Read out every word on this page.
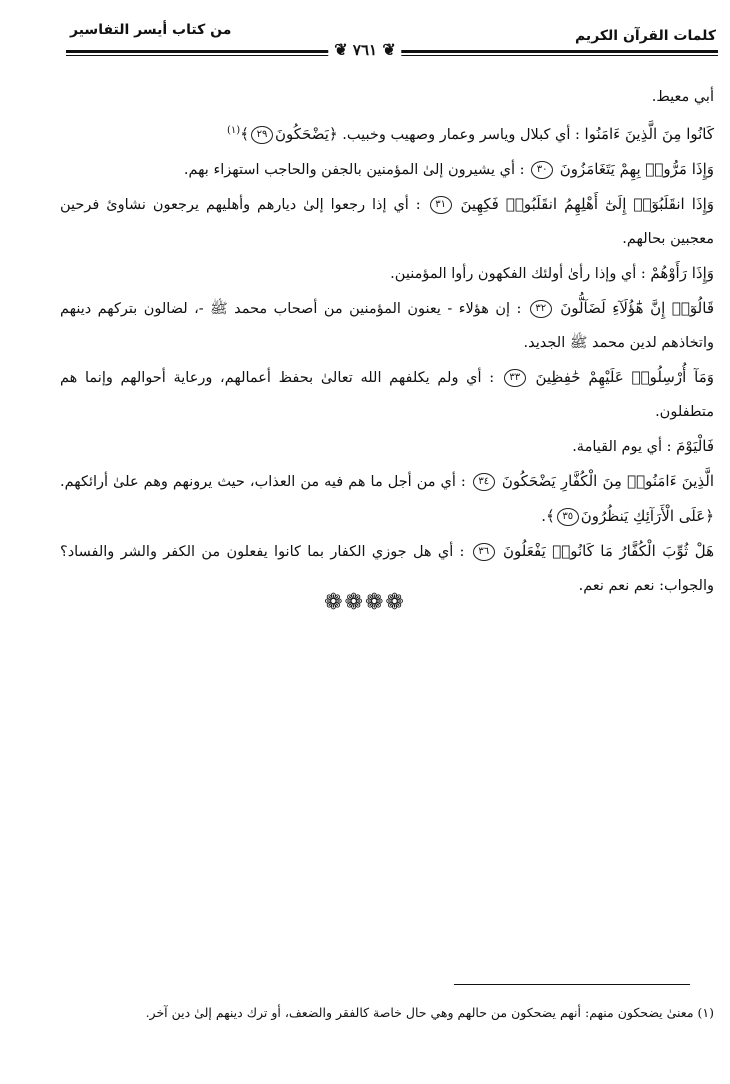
كلمات القرآن الكريم
من كتاب أيسر التفاسير
❦ ٧٦١ ❦

أبي معيط.

كَانُوا مِنَ الَّذِينَ ءَامَنُوا : أي كبلال وياسر وعمار وصهيب وخبيب. ﴿يَضْحَكُونَ٢٩﴾$^{(١)}$

وَإِذَا مَرُّوا۟ بِهِمْ يَتَغَامَزُونَ ٣٠ : أي يشيرون إلىٰ المؤمنين بالجفن والحاجب استهزاء بهم.

وَإِذَا انقَلَبُوٓا۟ إِلَىٰٓ أَهْلِهِمُ انقَلَبُوا۟ فَكِهِينَ ٣١ : أي إذا رجعوا إلىٰ ديارهم وأهليهم يرجعون نشاوئ فرحين معجبين بحالهم.

وَإِذَا رَأَوْهُمْ : أي وإذا رأىٰ أولئك الفكهون رأوا المؤمنين.

قَالُوٓا۟ إِنَّ هَٰٓؤُلَآءِ لَضَآلُّونَ ٣٢ : إن هؤلاء - يعنون المؤمنين من أصحاب محمد ﷺ -، لضالون بتركهم دينهم واتخاذهم لدين محمد ﷺ الجديد.

وَمَآ أُرْسِلُوا۟ عَلَيْهِمْ حَٰفِظِينَ ٣٣ : أي ولم يكلفهم الله تعالىٰ بحفظ أعمالهم، ورعاية أحوالهم وإنما هم متطفلون.

فَالْيَوْمَ : أي يوم القيامة.

الَّذِينَ ءَامَنُوا۟ مِنَ الْكُفَّارِ يَضْحَكُونَ ٣٤ : أي من أجل ما هم فيه من العذاب، حيث يرونهم وهم علىٰ أرائكهم. ﴿عَلَى الْأَرَآئِكِ يَنظُرُونَ٣٥﴾.

هَلْ ثُوِّبَ الْكُفَّارُ مَا كَانُوا۟ يَفْعَلُونَ ٣٦ : أي هل جوزي الكفار بما كانوا يفعلون من الكفر والشر والفساد؟ والجواب: نعم نعم نعم.

❁❁❁❁

(١) معنىٰ يضحكون منهم: أنهم يضحكون من حالهم وهي حال خاصة كالفقر والضعف، أو ترك دينهم إلىٰ دين آخر.
